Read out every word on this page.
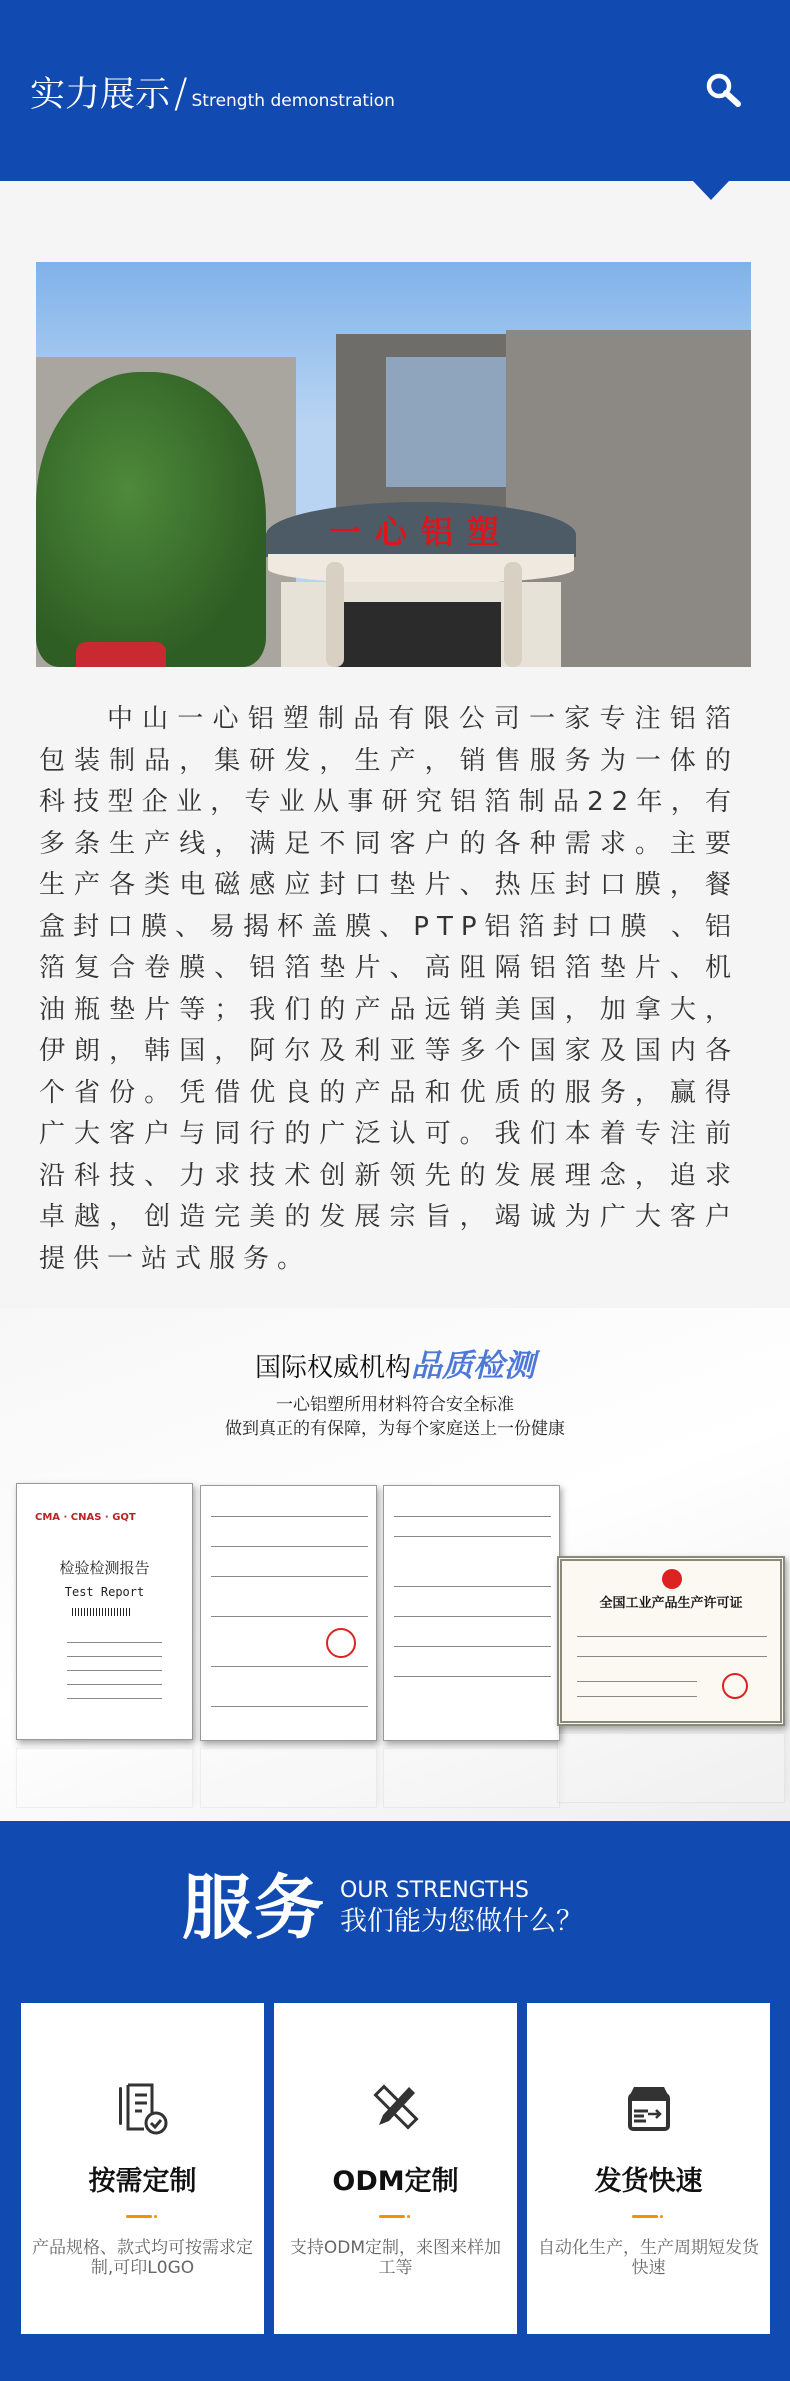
实力展示 / Strength demonstration
一心铝塑
中山一心铝塑制品有限公司一家专注铝箔包装制品，集研发，生产，销售服务为一体的科技型企业，专业从事研究铝箔制品22年，有多条生产线，满足不同客户的各种需求。主要生产各类电磁感应封口垫片、热压封口膜，餐盒封口膜、易揭杯盖膜、PTP铝箔封口膜 、铝箔复合卷膜、铝箔垫片、高阻隔铝箔垫片、机油瓶垫片等；我们的产品远销美国，加拿大，伊朗，韩国，阿尔及利亚等多个国家及国内各个省份。凭借优良的产品和优质的服务，赢得广大客户与同行的广泛认可。我们本着专注前沿科技、力求技术创新领先的发展理念，追求卓越，创造完美的发展宗旨，竭诚为广大客户提供一站式服务。
国际权威机构品质检测
一心铝塑所用材料符合安全标准
做到真正的有保障，为每个家庭送上一份健康
CMA · CNAS · GQT
检验检测报告
Test Report
全国工业产品生产许可证
服务 OUR STRENGTHS
我们能为您做什么？
按需定制
产品规格、款式均可按需求定制,可印L0GO
ODM定制
支持ODM定制，来图来样加工等
发货快速
自动化生产，生产周期短发货快速
